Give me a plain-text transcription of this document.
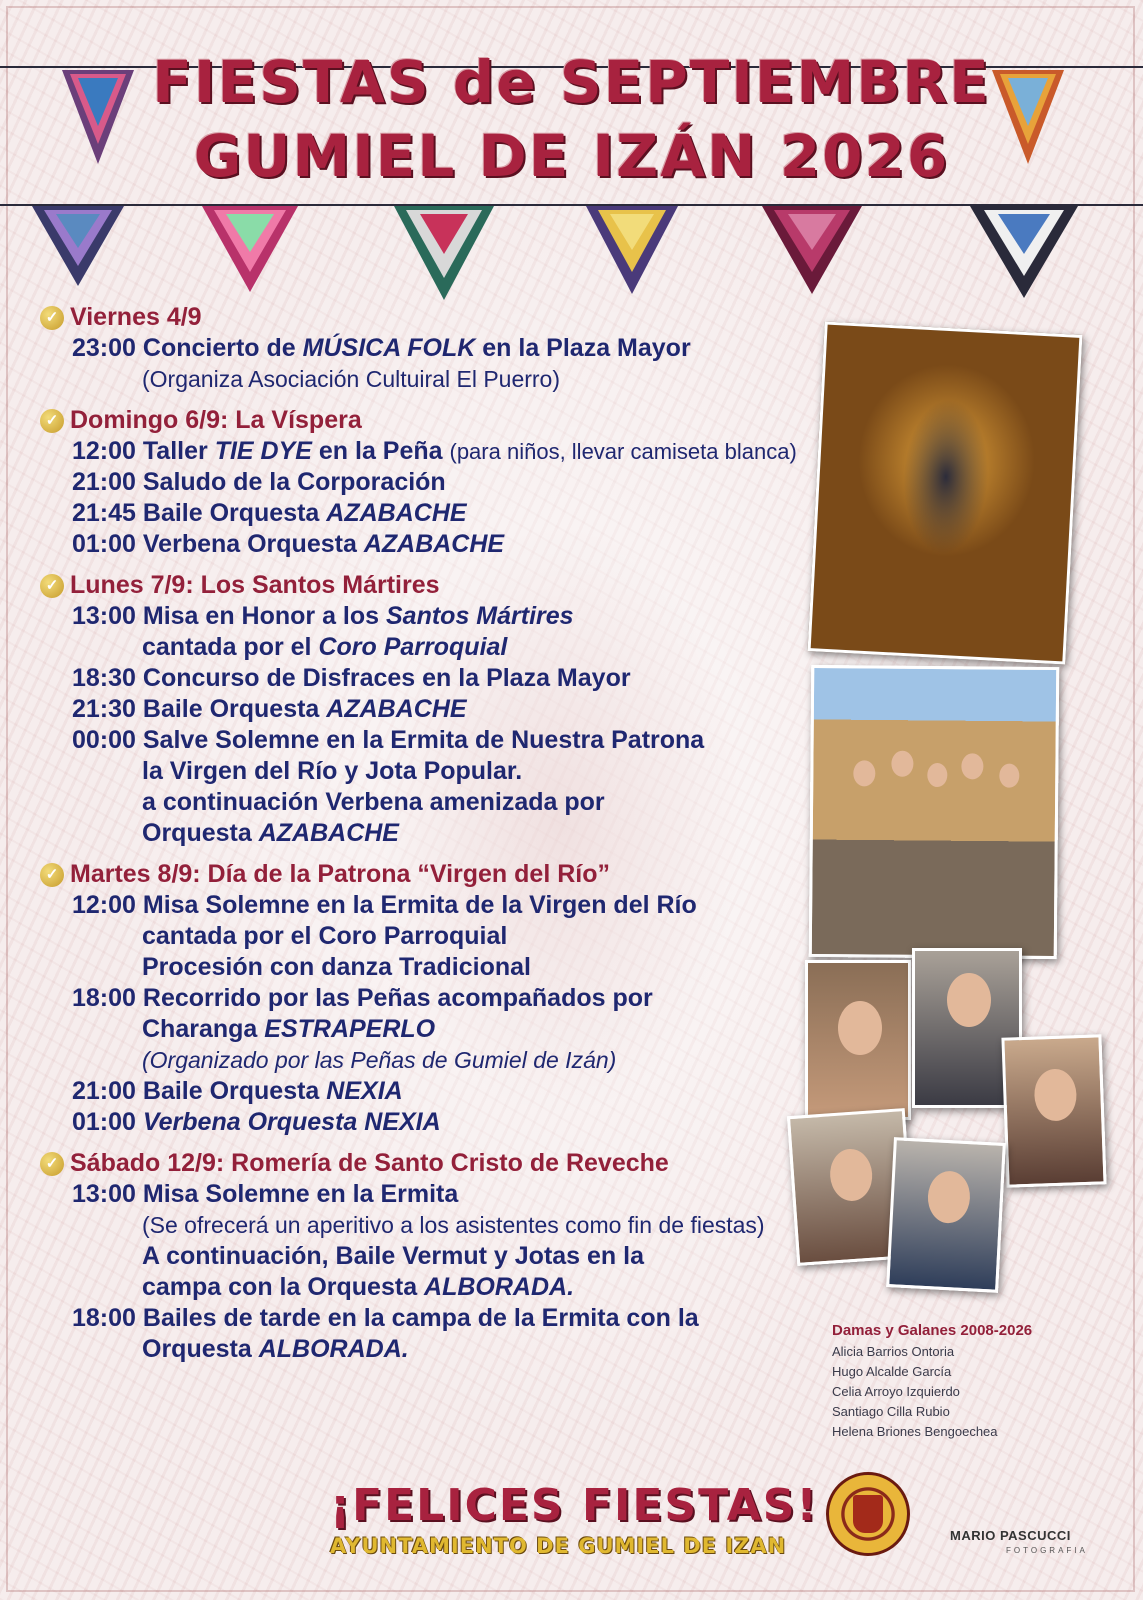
FIESTAS de SEPTIEMBRE
GUMIEL DE IZÁN 2026
✓ Viernes 4/9
23:00 Concierto de MÚSICA FOLK en la Plaza Mayor
(Organiza Asociación Cultuiral El Puerro)
✓ Domingo 6/9: La Víspera
12:00 Taller TIE DYE en la Peña (para niños, llevar camiseta blanca)
21:00 Saludo de la Corporación
21:45 Baile Orquesta AZABACHE
01:00 Verbena Orquesta AZABACHE
✓ Lunes 7/9: Los Santos Mártires
13:00 Misa en Honor a los Santos Mártires
cantada por el Coro Parroquial
18:30 Concurso de Disfraces en la Plaza Mayor
21:30 Baile Orquesta AZABACHE
00:00 Salve Solemne en la Ermita de Nuestra Patrona
la Virgen del Río y Jota Popular.
a continuación Verbena amenizada por
Orquesta AZABACHE
✓ Martes 8/9: Día de la Patrona “Virgen del Río”
12:00 Misa Solemne en la Ermita de la Virgen del Río
cantada por el Coro Parroquial
Procesión con danza Tradicional
18:00 Recorrido por las Peñas acompañados por
Charanga ESTRAPERLO
(Organizado por las Peñas de Gumiel de Izán)
21:00 Baile Orquesta NEXIA
01:00 Verbena Orquesta NEXIA
✓ Sábado 12/9: Romería de Santo Cristo de Reveche
13:00 Misa Solemne en la Ermita
(Se ofrecerá un aperitivo a los asistentes como fin de fiestas)
A continuación, Baile Vermut y Jotas en la
campa con la Orquesta ALBORADA.
18:00 Bailes de tarde en la campa de la Ermita con la
Orquesta ALBORADA.
Damas y Galanes 2008-2026
Alicia Barrios Ontoria
Hugo Alcalde García
Celia Arroyo Izquierdo
Santiago Cilla Rubio
Helena Briones Bengoechea
¡FELICES FIESTAS!
AYUNTAMIENTO DE GUMIEL DE IZAN	MARIO PASCUCCI
FOTOGRAFIA
